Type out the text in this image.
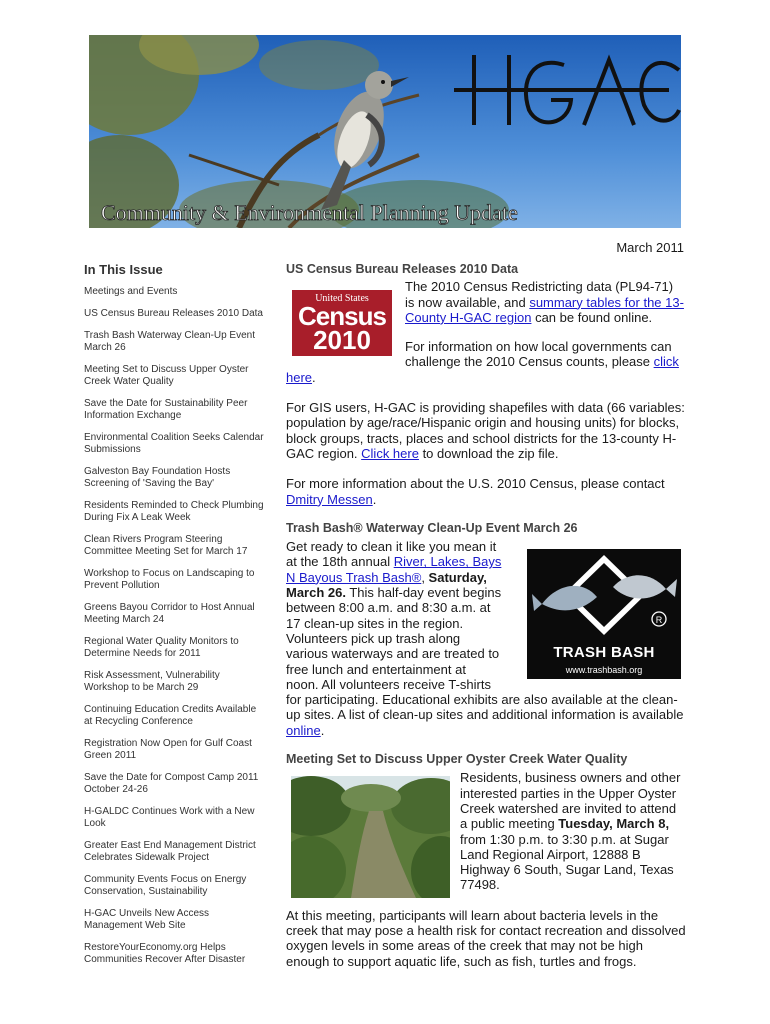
Community & Environmental Planning Update
March 2011
In This Issue
Meetings and Events
US Census Bureau Releases 2010 Data
Trash Bash Waterway Clean-Up Event March 26
Meeting Set to Discuss Upper Oyster Creek Water Quality
Save the Date for Sustainability Peer Information Exchange
Environmental Coalition Seeks Calendar Submissions
Galveston Bay Foundation Hosts Screening of 'Saving the Bay'
Residents Reminded to Check Plumbing During Fix A Leak Week
Clean Rivers Program Steering Committee Meeting Set for March 17
Workshop to Focus on Landscaping to Prevent Pollution
Greens Bayou Corridor to Host Annual Meeting March 24
Regional Water Quality Monitors to Determine Needs for 2011
Risk Assessment, Vulnerability Workshop to be March 29
Continuing Education Credits Available at Recycling Conference
Registration Now Open for Gulf Coast Green 2011
Save the Date for Compost Camp 2011 October 24-26
H-GALDC Continues Work with a New Look
Greater East End Management District Celebrates Sidewalk Project
Community Events Focus on Energy Conservation, Sustainability
H-GAC Unveils New Access Management Web Site
RestoreYourEconomy.org Helps Communities Recover After Disaster
United States
Census
2010
R
TRASH BASH
www.trashbash.org
US Census Bureau Releases 2010 Data

The 2010 Census Redistricting data (PL94-71) is now available, and summary tables for the 13-County H-GAC region can be found online.

For information on how local governments can challenge the 2010 Census counts, please click

here.

For GIS users, H-GAC is providing shapefiles with data (66 variables: population by age/race/Hispanic origin and housing units) for blocks, block groups, tracts, places and school districts for the 13-county H-GAC region. Click here to download the zip file.

For more information about the U.S. 2010 Census, please contact Dmitry Messen.

Trash Bash® Waterway Clean-Up Event March 26
Get ready to clean it like you mean it at the 18th annual River, Lakes, Bays N Bayous Trash Bash®, Saturday, March 26. This half-day event begins between 8:00 a.m. and 8:30 a.m. at 17 clean-up sites in the region. Volunteers pick up trash along various waterways and are treated to free lunch and entertainment at noon. All volunteers receive T-shirts for participating. Educational exhibits are also available at the clean-up sites. A list of clean-up sites and additional information is available online.
Meeting Set to Discuss Upper Oyster Creek Water Quality

Residents, business owners and other interested parties in the Upper Oyster Creek watershed are invited to attend a public meeting Tuesday, March 8, from 1:30 p.m. to 3:30 p.m. at Sugar Land Regional Airport, 12888 B Highway 6 South, Sugar Land, Texas 77498.

At this meeting, participants will learn about bacteria levels in the creek that may pose a health risk for contact recreation and dissolved oxygen levels in some areas of the creek that may not be high enough to support aquatic life, such as fish, turtles and frogs.
